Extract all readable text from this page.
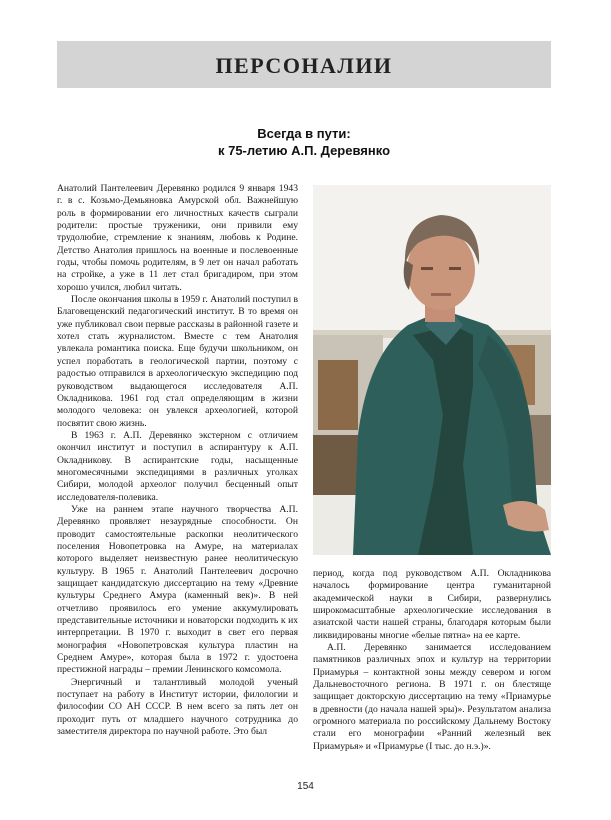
ПЕРСОНАЛИИ
Всегда в пути:
к 75-летию А.П. Деревянко

Анатолий Пантелеевич Деревянко родился 9 января 1943 г. в с. Козьмо-Демьяновка Амурской обл. Важнейшую роль в формировании его личностных качеств сыграли родители: простые труженики, они привили ему трудолюбие, стремление к знаниям, любовь к Родине. Детство Анатолия пришлось на военные и послевоенные годы, чтобы помочь родителям, в 9 лет он начал работать на стройке, а уже в 11 лет стал бригадиром, при этом хорошо учился, любил читать.

После окончания школы в 1959 г. Анатолий поступил в Благовещенский педагогический институт. В то время он уже публиковал свои первые рассказы в районной газете и хотел стать журналистом. Вместе с тем Анатолия увлекала романтика поиска. Еще будучи школьником, он успел поработать в геологической партии, поэтому с радостью отправился в археологическую экспедицию под руководством выдающегося исследователя А.П. Окладникова. 1961 год стал определяющим в жизни молодого человека: он увлекся археологией, которой посвятит свою жизнь.

В 1963 г. А.П. Деревянко экстерном с отличием окончил институт и поступил в аспирантуру к А.П. Окладникову. В аспирантские годы, насыщенные многомесячными экспедициями в различных уголках Сибири, молодой археолог получил бесценный опыт исследователя-полевика.

Уже на раннем этапе научного творчества А.П. Деревянко проявляет незаурядные способности. Он проводит самостоятельные раскопки неолитического поселения Новопетровка на Амуре, на материалах которого выделяет неизвестную ранее неолитическую культуру. В 1965 г. Анатолий Пантелеевич досрочно защищает кандидатскую диссертацию на тему «Древние культуры Среднего Амура (каменный век)». В ней отчетливо проявилось его умение аккумулировать представительные источники и новаторски подходить к их интерпретации. В 1970 г. выходит в свет его первая монография «Новопетровская культура пластин на Среднем Амуре», которая была в 1972 г. удостоена престижной награды – премии Ленинского комсомола.

Энергичный и талантливый молодой ученый поступает на работу в Институт истории, филологии и философии СО АН СССР. В нем всего за пять лет он проходит путь от младшего научного сотрудника до заместителя директора по научной работе. Это был

период, когда под руководством А.П. Окладникова началось формирование центра гуманитарной академической науки в Сибири, развернулись широкомасштабные археологические исследования в азиатской части нашей страны, благодаря которым были ликвидированы многие «белые пятна» на ее карте.

А.П. Деревянко занимается исследованием памятников различных эпох и культур на территории Приамурья – контактной зоны между севером и югом Дальневосточного региона. В 1971 г. он блестяще защищает докторскую диссертацию на тему «Приамурье в древности (до начала нашей эры)». Результатом анализа огромного материала по российскому Дальнему Востоку стали его монографии «Ранний железный век Приамурья» и «Приамурье (I тыс. до н.э.)».

154
